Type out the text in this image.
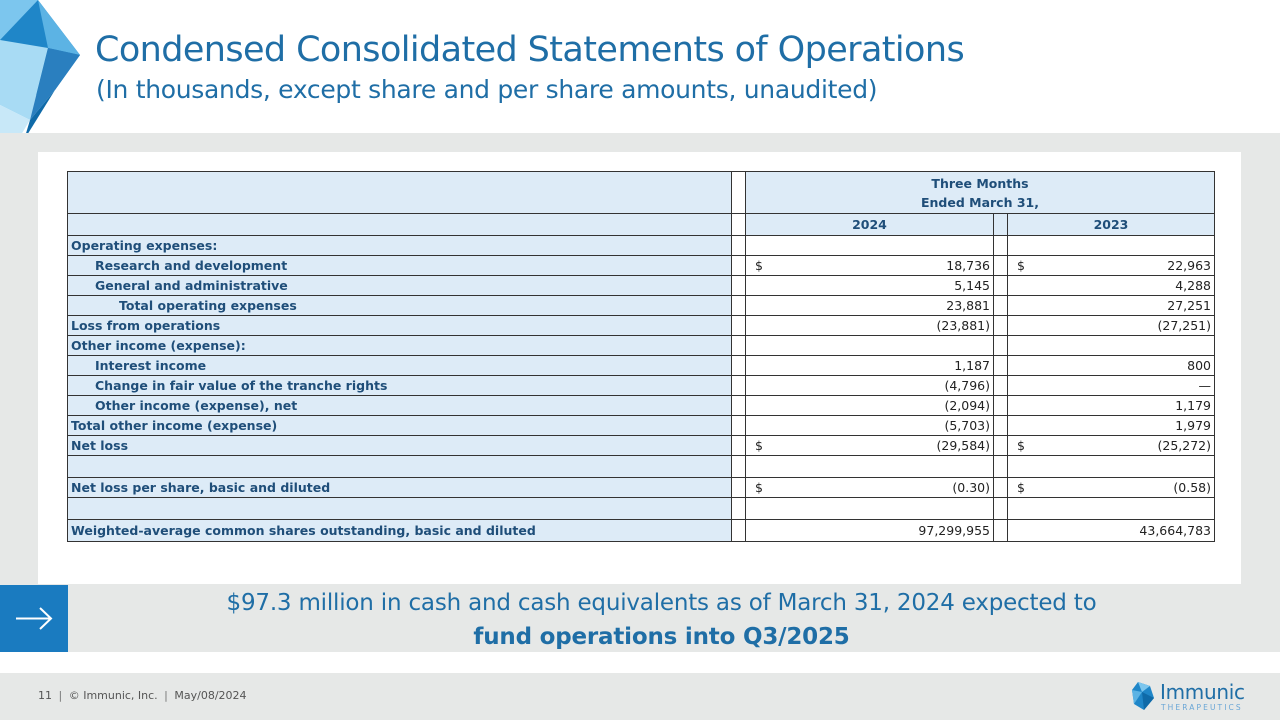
Condensed Consolidated Statements of Operations
(In thousands, except share and per share amounts, unaudited)

		Three Months
Ended March 31,		

		2024		2023
Operating expenses:				
Research and development		$ 18,736		$ 22,963
General and administrative		5,145		4,288
Total operating expenses		23,881		27,251
Loss from operations		(23,881)		(27,251)
Other income (expense):				
Interest income		1,187		800
Change in fair value of the tranche rights		(4,796)		—
Other income (expense), net		(2,094)		1,179
Total other income (expense)		(5,703)		1,979
Net loss		$ (29,584)		$ (25,272)

Net loss per share, basic and diluted		$ (0.30)		$ (0.58)

Weighted-average common shares outstanding, basic and diluted		97,299,955		43,664,783

$97.3 million in cash and cash equivalents as of March 31, 2024 expected to

fund operations into Q3/2025

11 | © Immunic, Inc. | May/08/2024	Immunic
THERAPEUTICS
